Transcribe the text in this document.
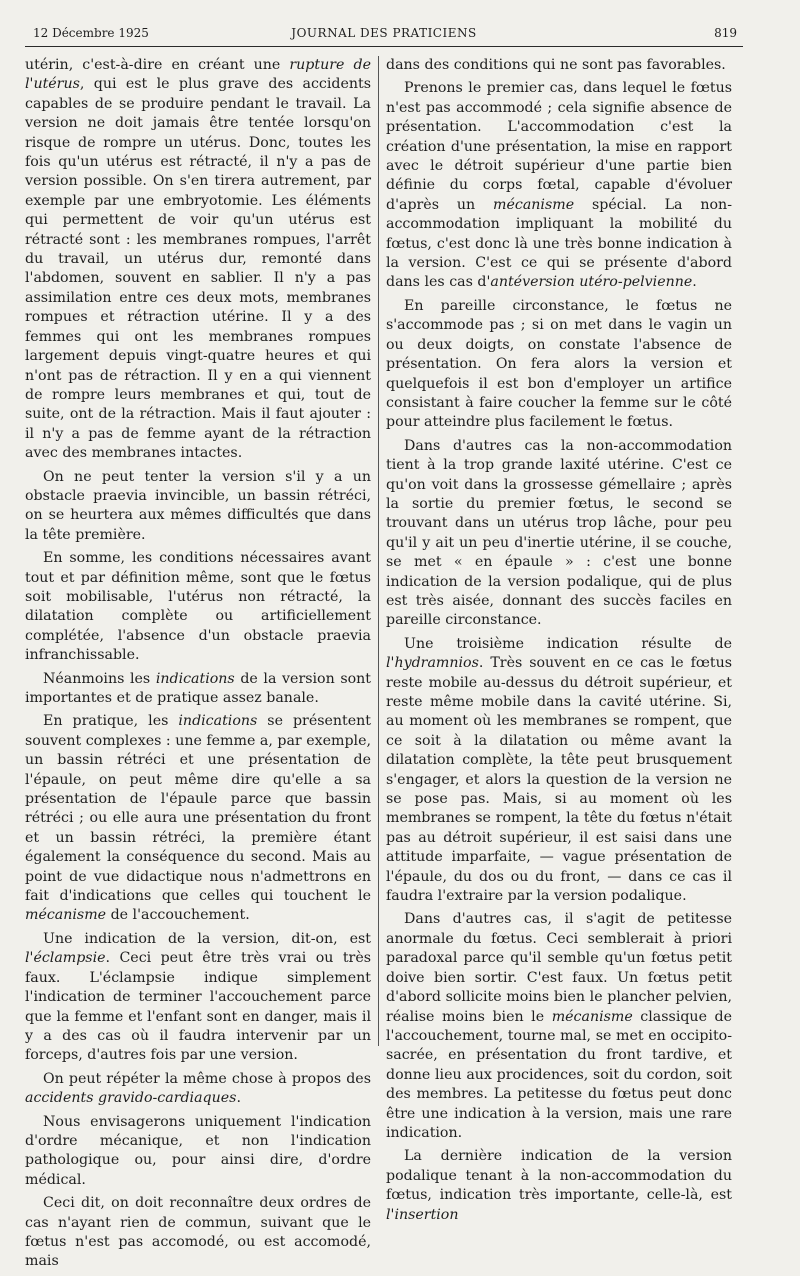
12 Décembre 1925	JOURNAL DES PRATICIENS	819

utérin, c'est-à-dire en créant une rupture de l'utérus, qui est le plus grave des accidents capables de se produire pendant le travail. La version ne doit jamais être tentée lorsqu'on risque de rompre un utérus. Donc, toutes les fois qu'un utérus est rétracté, il n'y a pas de version possible. On s'en tirera autrement, par exemple par une embryotomie. Les éléments qui permettent de voir qu'un utérus est rétracté sont : les membranes rompues, l'arrêt du travail, un utérus dur, remonté dans l'abdomen, souvent en sablier. Il n'y a pas assimilation entre ces deux mots, membranes rompues et rétraction utérine. Il y a des femmes qui ont les membranes rompues largement depuis vingt-quatre heures et qui n'ont pas de rétraction. Il y en a qui viennent de rompre leurs membranes et qui, tout de suite, ont de la rétraction. Mais il faut ajouter : il n'y a pas de femme ayant de la rétraction avec des membranes intactes.

On ne peut tenter la version s'il y a un obstacle praevia invincible, un bassin rétréci, on se heurtera aux mêmes difficultés que dans la tête première.

En somme, les conditions nécessaires avant tout et par définition même, sont que le fœtus soit mobilisable, l'utérus non rétracté, la dilatation complète ou artificiellement complétée, l'absence d'un obstacle praevia infranchissable.

Néanmoins les indications de la version sont importantes et de pratique assez banale.

En pratique, les indications se présentent souvent complexes : une femme a, par exemple, un bassin rétréci et une présentation de l'épaule, on peut même dire qu'elle a sa présentation de l'épaule parce que bassin rétréci ; ou elle aura une présentation du front et un bassin rétréci, la première étant également la conséquence du second. Mais au point de vue didactique nous n'admettrons en fait d'indications que celles qui touchent le mécanisme de l'accouchement.

Une indication de la version, dit-on, est l'éclampsie. Ceci peut être très vrai ou très faux. L'éclampsie indique simplement l'indication de terminer l'accouchement parce que la femme et l'enfant sont en danger, mais il y a des cas où il faudra intervenir par un forceps, d'autres fois par une version.

On peut répéter la même chose à propos des accidents gravido-cardiaques.

Nous envisagerons uniquement l'indication d'ordre mécanique, et non l'indication pathologique ou, pour ainsi dire, d'ordre médical.

Ceci dit, on doit reconnaître deux ordres de cas n'ayant rien de commun, suivant que le fœtus n'est pas accomodé, ou est accomodé, mais

dans des conditions qui ne sont pas favorables.

Prenons le premier cas, dans lequel le fœtus n'est pas accommodé ; cela signifie absence de présentation. L'accommodation c'est la création d'une présentation, la mise en rapport avec le détroit supérieur d'une partie bien définie du corps fœtal, capable d'évoluer d'après un mécanisme spécial. La non-accommodation impliquant la mobilité du fœtus, c'est donc là une très bonne indication à la version. C'est ce qui se présente d'abord dans les cas d'antéversion utéro-pelvienne.

En pareille circonstance, le fœtus ne s'accommode pas ; si on met dans le vagin un ou deux doigts, on constate l'absence de présentation. On fera alors la version et quelquefois il est bon d'employer un artifice consistant à faire coucher la femme sur le côté pour atteindre plus facilement le fœtus.

Dans d'autres cas la non-accommodation tient à la trop grande laxité utérine. C'est ce qu'on voit dans la grossesse gémellaire ; après la sortie du premier fœtus, le second se trouvant dans un utérus trop lâche, pour peu qu'il y ait un peu d'inertie utérine, il se couche, se met « en épaule » : c'est une bonne indication de la version podalique, qui de plus est très aisée, donnant des succès faciles en pareille circonstance.

Une troisième indication résulte de l'hydramnios. Très souvent en ce cas le fœtus reste mobile au-dessus du détroit supérieur, et reste même mobile dans la cavité utérine. Si, au moment où les membranes se rompent, que ce soit à la dilatation ou même avant la dilatation complète, la tête peut brusquement s'engager, et alors la question de la version ne se pose pas. Mais, si au moment où les membranes se rompent, la tête du fœtus n'était pas au détroit supérieur, il est saisi dans une attitude imparfaite, — vague présentation de l'épaule, du dos ou du front, — dans ce cas il faudra l'extraire par la version podalique.

Dans d'autres cas, il s'agit de petitesse anormale du fœtus. Ceci semblerait à priori paradoxal parce qu'il semble qu'un fœtus petit doive bien sortir. C'est faux. Un fœtus petit d'abord sollicite moins bien le plancher pelvien, réalise moins bien le mécanisme classique de l'accouchement, tourne mal, se met en occipito-sacrée, en présentation du front tardive, et donne lieu aux procidences, soit du cordon, soit des membres. La petitesse du fœtus peut donc être une indication à la version, mais une rare indication.

La dernière indication de la version podalique tenant à la non-accommodation du fœtus, indication très importante, celle-là, est l'insertion
